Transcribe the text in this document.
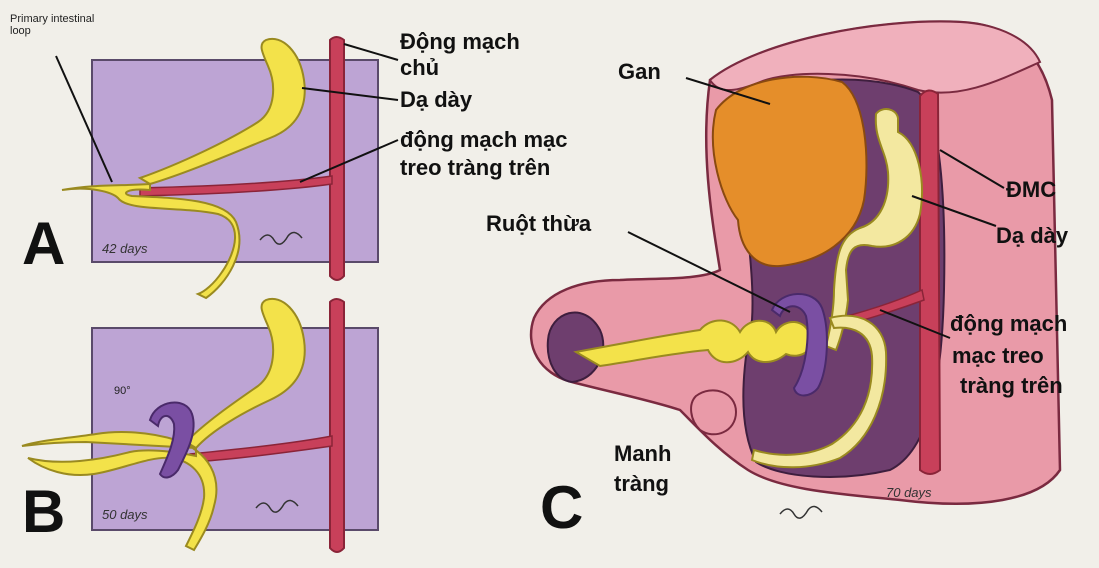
Primary intestinal loop	Động mạch
chủ
Dạ dày
động mạch mạc
treo tràng trên
A	42 days
B	50 days
90°
Gan
Ruột thừa
ĐMC
Dạ dày
động mạch
mạc treo
tràng trên
Manh
tràng
C	70 days
